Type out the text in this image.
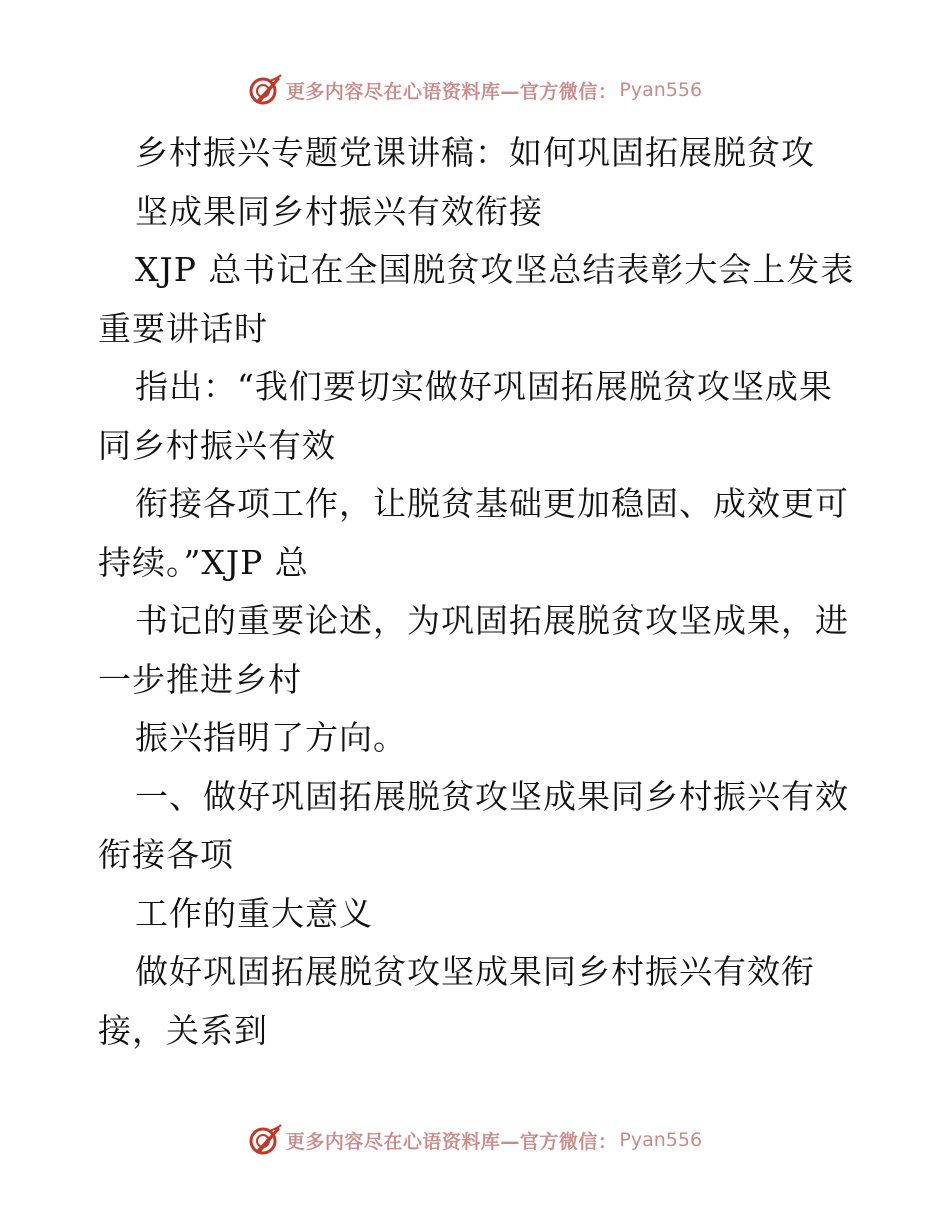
更多内容尽在心语资料库—官方微信： Pyan556
乡村振兴专题党课讲稿：如何巩固拓展脱贫攻
坚成果同乡村振兴有效衔接
XJP 总书记在全国脱贫攻坚总结表彰大会上发表
重要讲话时
指出：“我们要切实做好巩固拓展脱贫攻坚成果
同乡村振兴有效
衔接各项工作，让脱贫基础更加稳固、成效更可
持续。”XJP 总
书记的重要论述，为巩固拓展脱贫攻坚成果，进
一步推进乡村
振兴指明了方向。
一、做好巩固拓展脱贫攻坚成果同乡村振兴有效
衔接各项
工作的重大意义
做好巩固拓展脱贫攻坚成果同乡村振兴有效衔
接，关系到
更多内容尽在心语资料库—官方微信： Pyan556
